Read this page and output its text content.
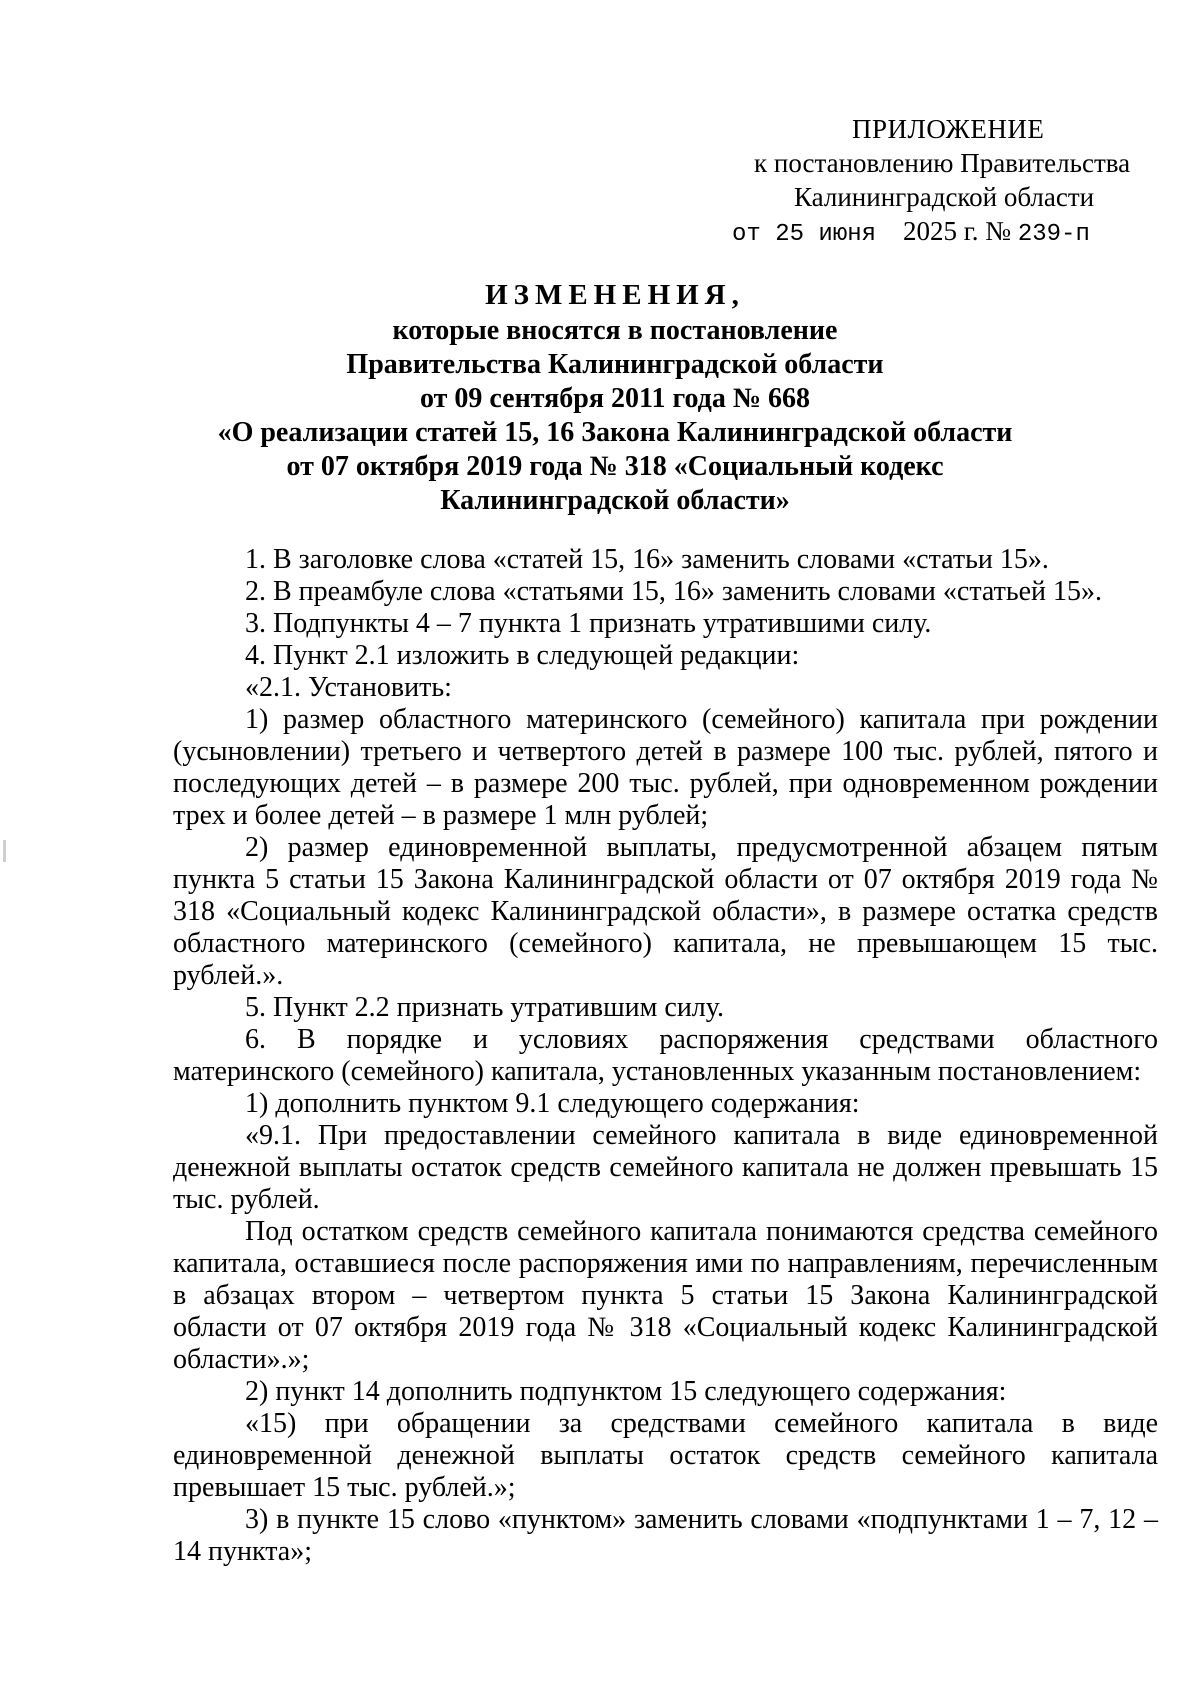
ПРИЛОЖЕНИЕ
к постановлению Правительства
Калининградской области
от 25 июня 2025 г. № 239-п
ИЗМЕНЕНИЯ,
которые вносятся в постановление
Правительства Калининградской области
от 09 сентября 2011 года № 668
«О реализации статей 15, 16 Закона Калининградской области
от 07 октября 2019 года № 318 «Социальный кодекс
Калининградской области»

1. В заголовке слова «статей 15, 16» заменить словами «статьи 15».

2. В преамбуле слова «статьями 15, 16» заменить словами «статьей 15».

3. Подпункты 4 – 7 пункта 1 признать утратившими силу.

4. Пункт 2.1 изложить в следующей редакции:

«2.1. Установить:

1) размер областного материнского (семейного) капитала при рождении (усыновлении) третьего и четвертого детей в размере 100 тыс. рублей, пятого и последующих детей – в размере 200 тыс. рублей, при одновременном рождении трех и более детей – в размере 1 млн рублей;

2) размер единовременной выплаты, предусмотренной абзацем пятым пункта 5 статьи 15 Закона Калининградской области от 07 октября 2019 года № 318 «Социальный кодекс Калининградской области», в размере остатка средств областного материнского (семейного) капитала, не превышающем 15 тыс. рублей.».

5. Пункт 2.2 признать утратившим силу.

6. В порядке и условиях распоряжения средствами областного материнского (семейного) капитала, установленных указанным постановлением:

1) дополнить пунктом 9.1 следующего содержания:

«9.1. При предоставлении семейного капитала в виде единовременной денежной выплаты остаток средств семейного капитала не должен превышать 15 тыс. рублей.

Под остатком средств семейного капитала понимаются средства семейного капитала, оставшиеся после распоряжения ими по направлениям, перечисленным в абзацах втором – четвертом пункта 5 статьи 15 Закона Калининградской области от 07 октября 2019 года № 318 «Социальный кодекс Калининградской области».»;

2) пункт 14 дополнить подпунктом 15 следующего содержания:

«15) при обращении за средствами семейного капитала в виде единовременной денежной выплаты остаток средств семейного капитала превышает 15 тыс. рублей.»;

3) в пункте 15 слово «пунктом» заменить словами «подпунктами 1 – 7, 12 – 14 пункта»;
